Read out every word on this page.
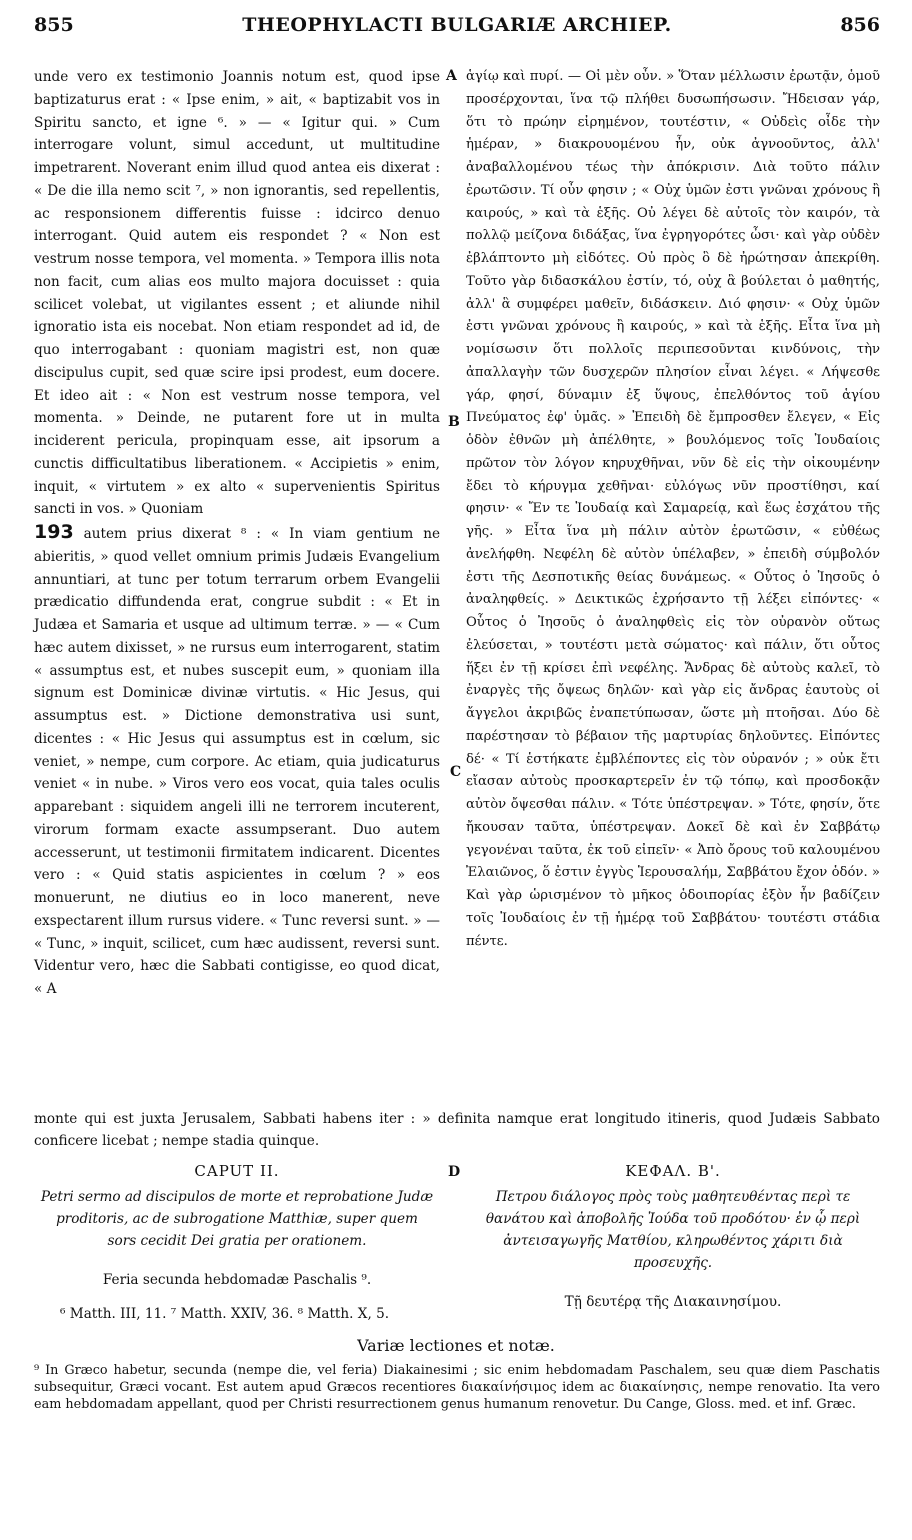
855	THEOPHYLACTI BULGARIÆ ARCHIEP.	856
A
B
C
D

unde vero ex testimonio Joannis notum est, quod ipse baptizaturus erat : « Ipse enim, » ait, « baptizabit vos in Spiritu sancto, et igne ⁶. » — « Igitur qui. » Cum interrogare volunt, simul accedunt, ut multitudine impetrarent. Noverant enim illud quod antea eis dixerat : « De die illa nemo scit ⁷, » non ignorantis, sed repellentis, ac responsionem differentis fuisse : idcirco denuo interrogant. Quid autem eis respondet ? « Non est vestrum nosse tempora, vel momenta. » Tempora illis nota non facit, cum alias eos multo majora docuisset : quia scilicet volebat, ut vigilantes essent ; et aliunde nihil ignoratio ista eis nocebat. Non etiam respondet ad id, de quo interrogabant : quoniam magistri est, non quæ discipulus cupit, sed quæ scire ipsi prodest, eum docere. Et ideo ait : « Non est vestrum nosse tempora, vel momenta. » Deinde, ne putarent fore ut in multa inciderent pericula, propinquam esse, ait ipsorum a cunctis difficultatibus liberationem. « Accipietis » enim, inquit, « virtutem » ex alto « supervenientis Spiritus sancti in vos. » Quoniam

193 autem prius dixerat ⁸ : « In viam gentium ne abieritis, » quod vellet omnium primis Judæis Evangelium annuntiari, at tunc per totum terrarum orbem Evangelii prædicatio diffundenda erat, congrue subdit : « Et in Judæa et Samaria et usque ad ultimum terræ. » — « Cum hæc autem dixisset, » ne rursus eum interrogarent, statim « assumptus est, et nubes suscepit eum, » quoniam illa signum est Dominicæ divinæ virtutis. « Hic Jesus, qui assumptus est. » Dictione demonstrativa usi sunt, dicentes : « Hic Jesus qui assumptus est in cœlum, sic veniet, » nempe, cum corpore. Ac etiam, quia judicaturus veniet « in nube. » Viros vero eos vocat, quia tales oculis apparebant : siquidem angeli illi ne terrorem incuterent, virorum formam exacte assumpserant. Duo autem accesserunt, ut testimonii firmitatem indicarent. Dicentes vero : « Quid statis aspicientes in cœlum ? » eos monuerunt, ne diutius eo in loco manerent, neve exspectarent illum rursus videre. « Tunc reversi sunt. » — « Tunc, » inquit, scilicet, cum hæc audissent, reversi sunt. Videntur vero, hæc die Sabbati contigisse, eo quod dicat, « A

ἁγίῳ καὶ πυρί. — Οἱ μὲν οὖν. » Ὅταν μέλλωσιν ἐρωτᾷν, ὁμοῦ προσέρχονται, ἵνα τῷ πλήθει δυσωπήσωσιν. Ἤδεισαν γάρ, ὅτι τὸ πρώην εἰρημένον, τουτέστιν, « Οὐδεὶς οἶδε τὴν ἡμέραν, » διακρουομένου ἦν, οὐκ ἀγνοοῦντος, ἀλλ' ἀναβαλλομένου τέως τὴν ἀπόκρισιν. Διὰ τοῦτο πάλιν ἐρωτῶσιν. Τί οὖν φησιν ; « Οὐχ ὑμῶν ἐστι γνῶναι χρόνους ἢ καιρούς, » καὶ τὰ ἑξῆς. Οὐ λέγει δὲ αὐτοῖς τὸν καιρόν, τὰ πολλῷ μείζονα διδάξας, ἵνα ἐγρηγορότες ὦσι· καὶ γὰρ οὐδὲν ἐβλάπτοντο μὴ εἰδότες. Οὐ πρὸς ὃ δὲ ἠρώτησαν ἀπεκρίθη. Τοῦτο γὰρ διδασκάλου ἐστίν, τό, οὐχ ἃ βούλεται ὁ μαθητής, ἀλλ' ἃ συμφέρει μαθεῖν, διδάσκειν. Διό φησιν· « Οὐχ ὑμῶν ἐστι γνῶναι χρόνους ἢ καιρούς, » καὶ τὰ ἑξῆς. Εἶτα ἵνα μὴ νομίσωσιν ὅτι πολλοῖς περιπεσοῦνται κινδύνοις, τὴν ἀπαλλαγὴν τῶν δυσχερῶν πλησίον εἶναι λέγει. « Λήψεσθε γάρ, φησί, δύναμιν ἐξ ὕψους, ἐπελθόντος τοῦ ἁγίου Πνεύματος ἐφ' ὑμᾶς. » Ἐπειδὴ δὲ ἔμπροσθεν ἔλεγεν, « Εἰς ὁδὸν ἐθνῶν μὴ ἀπέλθητε, » βουλόμενος τοῖς Ἰουδαίοις πρῶτον τὸν λόγον κηρυχθῆναι, νῦν δὲ εἰς τὴν οἰκουμένην ἔδει τὸ κήρυγμα χεθῆναι· εὐλόγως νῦν προστίθησι, καί φησιν· « Ἔν τε Ἰουδαίᾳ καὶ Σαμαρείᾳ, καὶ ἕως ἐσχάτου τῆς γῆς. » Εἶτα ἵνα μὴ πάλιν αὐτὸν ἐρωτῶσιν, « εὐθέως ἀνελήφθη. Νεφέλη δὲ αὐτὸν ὑπέλαβεν, » ἐπειδὴ σύμβολόν ἐστι τῆς Δεσποτικῆς θείας δυνάμεως. « Οὗτος ὁ Ἰησοῦς ὁ ἀναληφθείς. » Δεικτικῶς ἐχρήσαντο τῇ λέξει εἰπόντες· « Οὗτος ὁ Ἰησοῦς ὁ ἀναληφθεὶς εἰς τὸν οὐρανὸν οὕτως ἐλεύσεται, » τουτέστι μετὰ σώματος· καὶ πάλιν, ὅτι οὗτος ἥξει ἐν τῇ κρίσει ἐπὶ νεφέλης. Ἄνδρας δὲ αὐτοὺς καλεῖ, τὸ ἐναργὲς τῆς ὄψεως δηλῶν· καὶ γὰρ εἰς ἄνδρας ἑαυτοὺς οἱ ἄγγελοι ἀκριβῶς ἐναπετύπωσαν, ὥστε μὴ πτοῆσαι. Δύο δὲ παρέστησαν τὸ βέβαιον τῆς μαρτυρίας δηλοῦντες. Εἰπόντες δέ· « Τί ἑστήκατε ἐμβλέποντες εἰς τὸν οὐρανόν ; » οὐκ ἔτι εἴασαν αὐτοὺς προσκαρτερεῖν ἐν τῷ τόπῳ, καὶ προσδοκᾷν αὐτὸν ὄψεσθαι πάλιν. « Τότε ὑπέστρεψαν. » Τότε, φησίν, ὅτε ἤκουσαν ταῦτα, ὑπέστρεψαν. Δοκεῖ δὲ καὶ ἐν Σαββάτῳ γεγονέναι ταῦτα, ἐκ τοῦ εἰπεῖν· « Ἀπὸ ὄρους τοῦ καλουμένου Ἐλαιῶνος, ὅ ἐστιν ἐγγὺς Ἱερουσαλήμ, Σαββάτου ἔχον ὁδόν. » Καὶ γὰρ ὡρισμένον τὸ μῆκος ὁδοιπορίας ἐξὸν ἦν βαδίζειν τοῖς Ἰουδαίοις ἐν τῇ ἡμέρᾳ τοῦ Σαββάτου· τουτέστι στάδια πέντε.

monte qui est juxta Jerusalem, Sabbati habens iter : » definita namque erat longitudo itineris, quod Judæis Sabbato conficere licebat ; nempe stadia quinque.
CAPUT II.
Petri sermo ad discipulos de morte et reprobatione Judæ proditoris, ac de subrogatione Matthiæ, super quem sors cecidit Dei gratia per orationem.
Feria secunda hebdomadæ Paschalis ⁹.
ΚΕΦΑΛ. Β'.
Πετρου διάλογος πρὸς τοὺς μαθητευθέντας περὶ τε θανάτου καὶ ἀποβολῆς Ἰούδα τοῦ προδότου· ἐν ᾧ περὶ ἀντεισαγωγῆς Ματθίου, κληρωθέντος χάριτι διὰ προσευχῆς.
Τῇ δευτέρᾳ τῆς Διακαινησίμου.
⁶ Matth. III, 11. ⁷ Matth. XXIV, 36. ⁸ Matth. X, 5.
Variæ lectiones et notæ.
⁹ In Græco habetur, secunda (nempe die, vel feria) Diakainesimi ; sic enim hebdomadam Paschalem, seu quæ diem Paschatis subsequitur, Græci vocant. Est autem apud Græcos recentiores διακαίνήσιμος idem ac διακαίνησις, nempe renovatio. Ita vero eam hebdomadam appellant, quod per Christi resurrectionem genus humanum renovetur. Du Cange, Gloss. med. et inf. Græc.
